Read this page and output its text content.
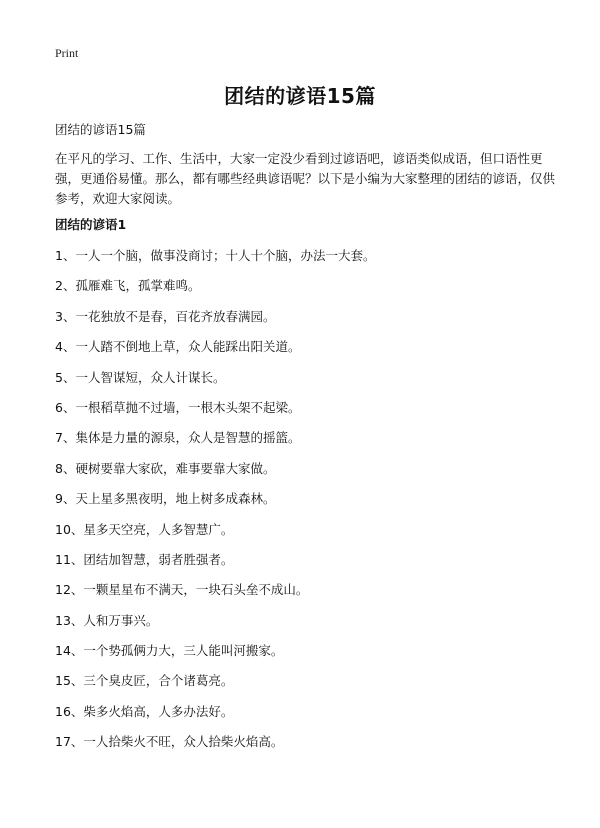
Print
团结的谚语15篇

团结的谚语15篇

在平凡的学习、工作、生活中，大家一定没少看到过谚语吧，谚语类似成语，但口语性更强，更通俗易懂。那么，都有哪些经典谚语呢？以下是小编为大家整理的团结的谚语，仅供参考，欢迎大家阅读。

团结的谚语1
1、一人一个脑，做事没商讨；十人十个脑，办法一大套。
2、孤雁难飞，孤掌难鸣。
3、一花独放不是春，百花齐放春满园。
4、一人踏不倒地上草，众人能踩出阳关道。
5、一人智谋短，众人计谋长。
6、一根稻草抛不过墙，一根木头架不起梁。
7、集体是力量的源泉，众人是智慧的摇篮。
8、硬树要靠大家砍，难事要靠大家做。
9、天上星多黑夜明，地上树多成森林。
10、星多天空亮，人多智慧广。
11、团结加智慧，弱者胜强者。
12、一颗星星布不满天，一块石头垒不成山。
13、人和万事兴。
14、一个势孤俩力大，三人能叫河搬家。
15、三个臭皮匠，合个诸葛亮。
16、柴多火焰高，人多办法好。
17、一人拾柴火不旺，众人拾柴火焰高。
